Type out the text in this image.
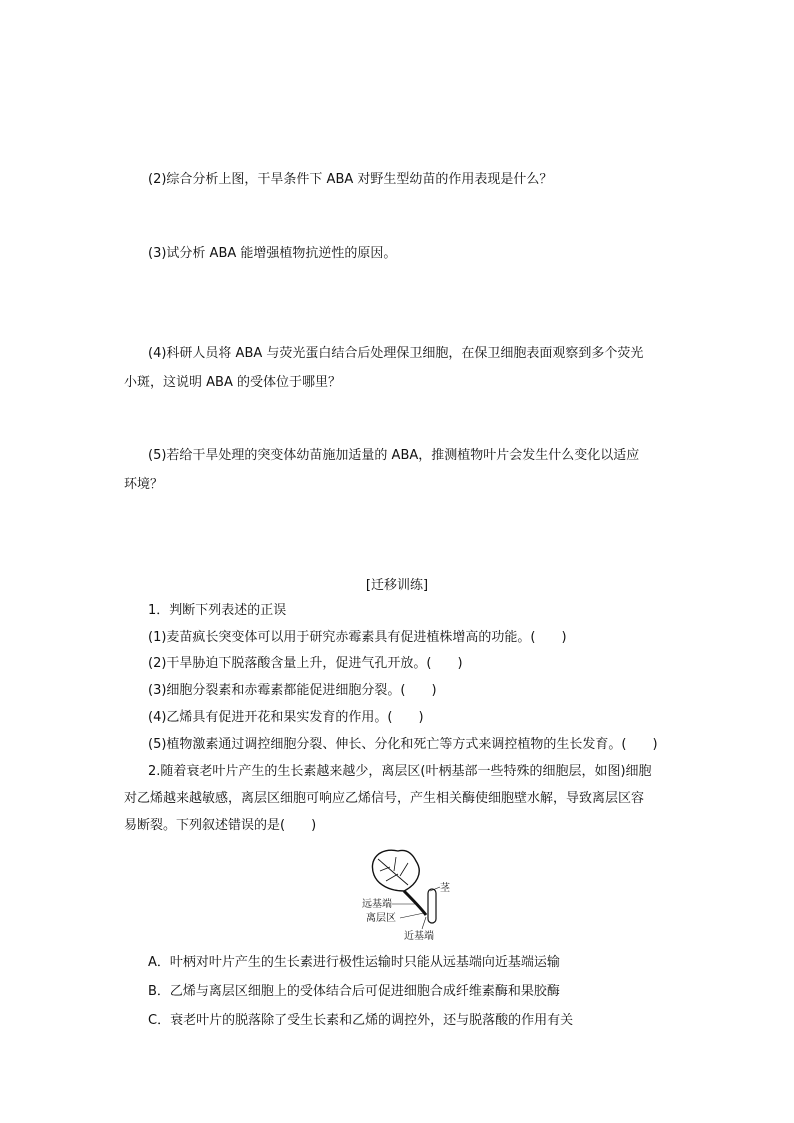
(2)综合分析上图，干旱条件下 ABA 对野生型幼苗的作用表现是什么？
(3)试分析 ABA 能增强植物抗逆性的原因。
(4)科研人员将 ABA 与荧光蛋白结合后处理保卫细胞，在保卫细胞表面观察到多个荧光
小斑，这说明 ABA 的受体位于哪里？
(5)若给干旱处理的突变体幼苗施加适量的 ABA，推测植物叶片会发生什么变化以适应
环境？
[迁移训练]
1．判断下列表述的正误
(1)麦苗疯长突变体可以用于研究赤霉素具有促进植株增高的功能。(　　)
(2)干旱胁迫下脱落酸含量上升，促进气孔开放。(　　)
(3)细胞分裂素和赤霉素都能促进细胞分裂。(　　)
(4)乙烯具有促进开花和果实发育的作用。(　　)
(5)植物激素通过调控细胞分裂、伸长、分化和死亡等方式来调控植物的生长发育。(　　)
2.随着衰老叶片产生的生长素越来越少，离层区(叶柄基部一些特殊的细胞层，如图)细胞
对乙烯越来越敏感，离层区细胞可响应乙烯信号，产生相关酶使细胞壁水解，导致离层区容
易断裂。下列叙述错误的是(　　)
茎
远基端
离层区
近基端
A．叶柄对叶片产生的生长素进行极性运输时只能从远基端向近基端运输
B．乙烯与离层区细胞上的受体结合后可促进细胞合成纤维素酶和果胶酶
C．衰老叶片的脱落除了受生长素和乙烯的调控外，还与脱落酸的作用有关
